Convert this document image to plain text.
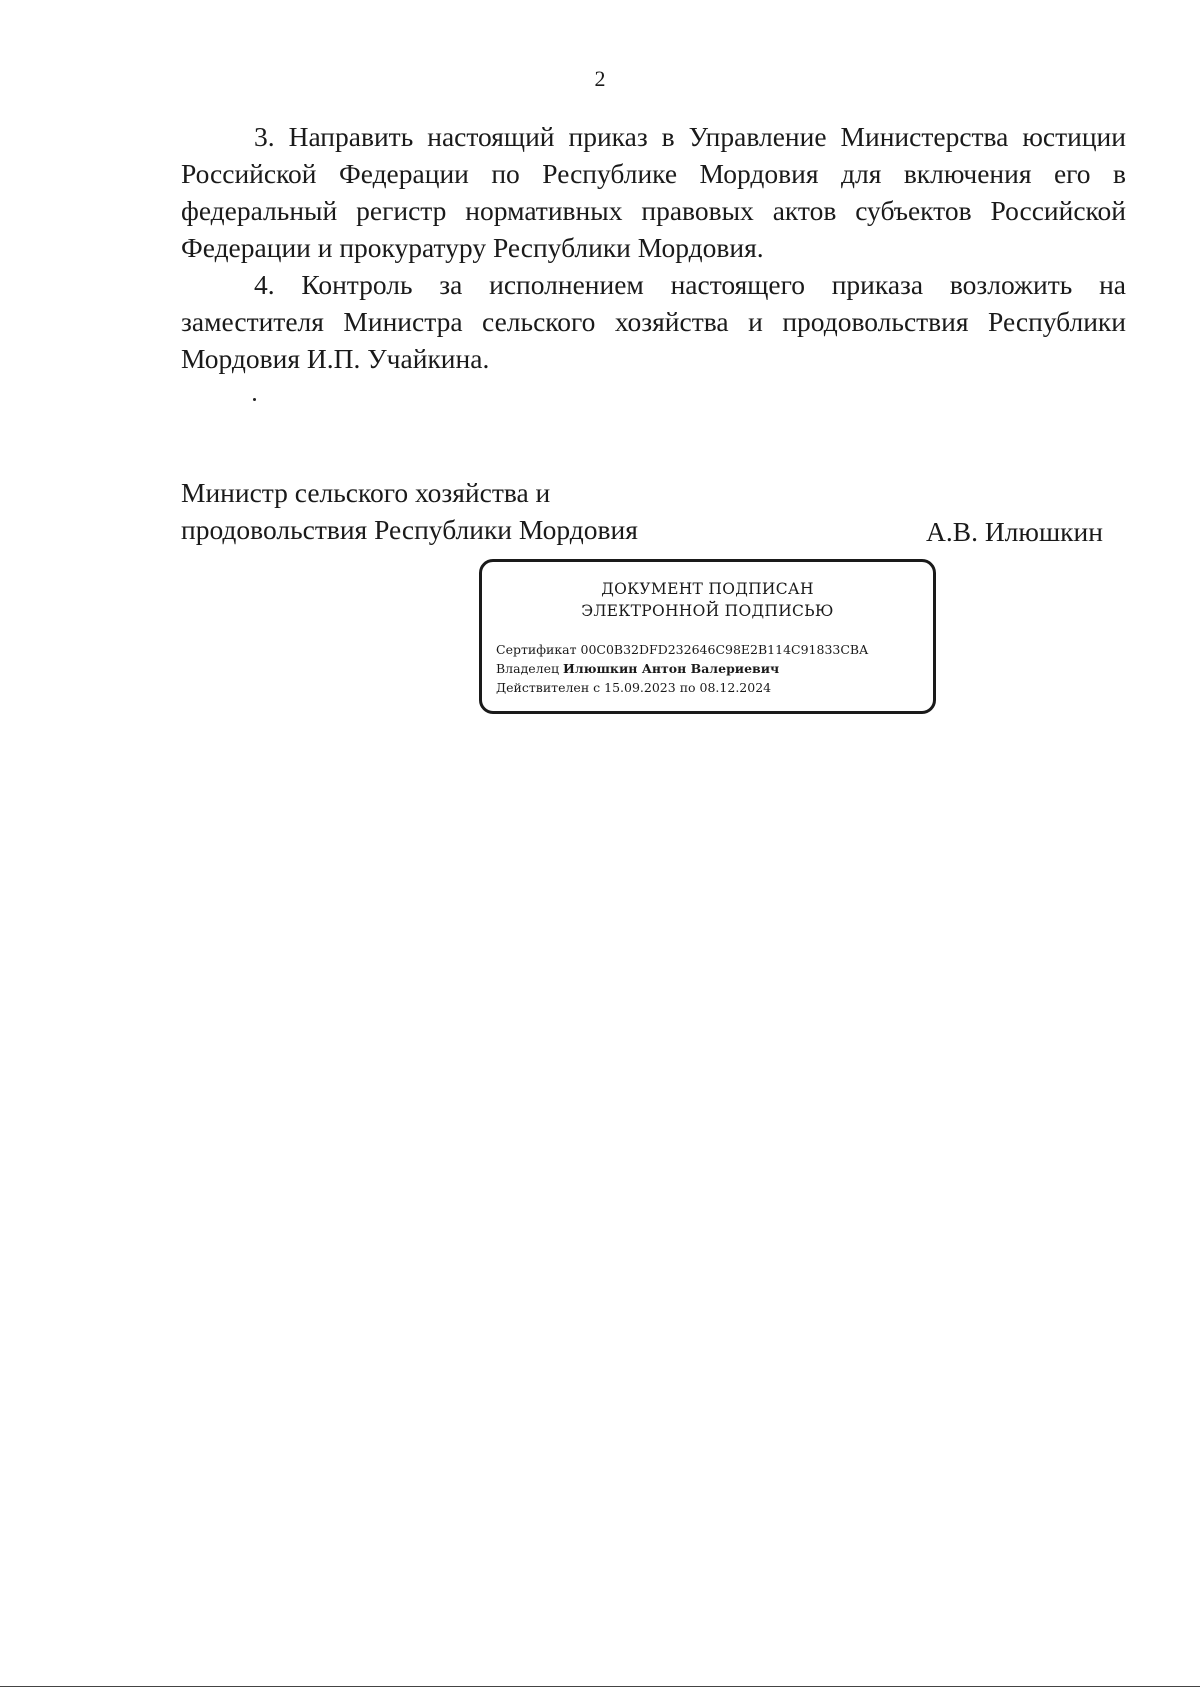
2

3. Направить настоящий приказ в Управление Министерства юстиции Российской Федерации по Республике Мордовия для включения его в федеральный регистр нормативных правовых актов субъектов Российской Федерации и прокуратуру Республики Мордовия.

4. Контроль за исполнением настоящего приказа возложить на заместителя Министра сельского хозяйства и продовольствия Республики Мордовия И.П. Учайкина.

Министр сельского хозяйства и
продовольствия Республики Мордовия	А.В. Илюшкин
ДОКУМЕНТ ПОДПИСАН
ЭЛЕКТРОННОЙ ПОДПИСЬЮ
Сертификат 00C0B32DFD232646C98E2B114C91833CBA
Владелец Илюшкин Антон Валериевич
Действителен с 15.09.2023 по 08.12.2024
